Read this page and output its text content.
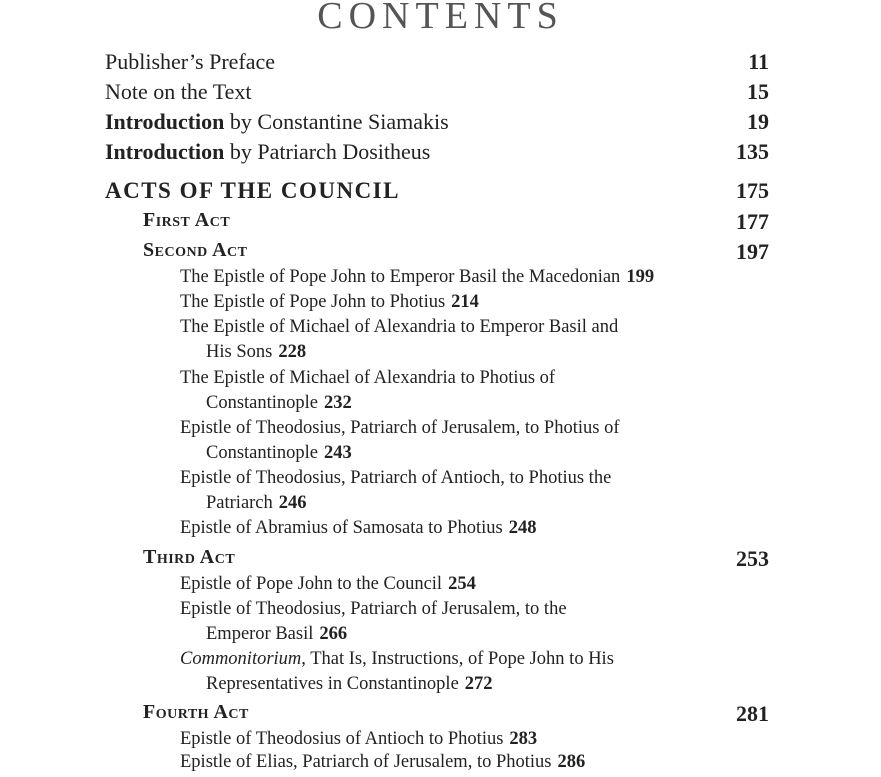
CONTENTS
Publisher’s Preface	11
Note on the Text	15
Introduction by Constantine Siamakis	19
Introduction by Patriarch Dositheus	135
ACTS OF THE COUNCIL	175
First Act	177
Second Act	197
The Epistle of Pope John to Emperor Basil the Macedonian 199
The Epistle of Pope John to Photius 214
The Epistle of Michael of Alexandria to Emperor Basil and
His Sons 228
The Epistle of Michael of Alexandria to Photius of
Constantinople 232
Epistle of Theodosius, Patriarch of Jerusalem, to Photius of
Constantinople 243
Epistle of Theodosius, Patriarch of Antioch, to Photius the
Patriarch 246
Epistle of Abramius of Samosata to Photius 248
Third Act	253
Epistle of Pope John to the Council 254
Epistle of Theodosius, Patriarch of Jerusalem, to the
Emperor Basil 266
Commonitorium, That Is, Instructions, of Pope John to His
Representatives in Constantinople 272
Fourth Act	281
Epistle of Theodosius of Antioch to Photius 283
Epistle of Elias, Patriarch of Jerusalem, to Photius 286
